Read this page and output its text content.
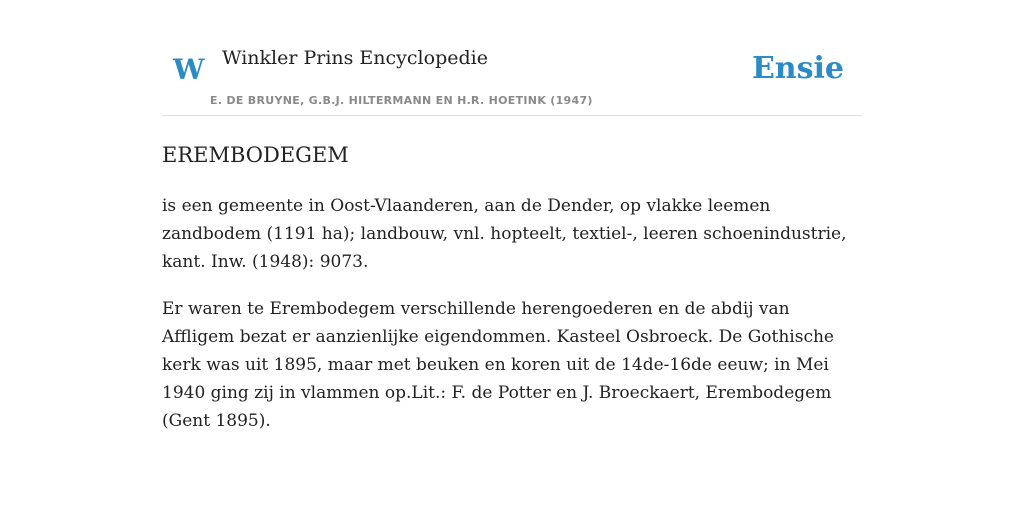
W Winkler Prins Encyclopedie
E. DE BRUYNE, G.B.J. HILTERMANN EN H.R. HOETINK (1947)
Ensie
EREMBODEGEM

is een gemeente in Oost-Vlaanderen, aan de Dender, op vlakke leemen zandbodem (1191 ha); landbouw, vnl. hopteelt, textiel-, leeren schoenindustrie, kant. Inw. (1948): 9073.

Er waren te Erembodegem verschillende herengoederen en de abdij van Affligem bezat er aanzienlijke eigendommen. Kasteel Osbroeck. De Gothische kerk was uit 1895, maar met beuken en koren uit de 14de-16de eeuw; in Mei 1940 ging zij in vlammen op.Lit.: F. de Potter en J. Broeckaert, Erembodegem (Gent 1895).
